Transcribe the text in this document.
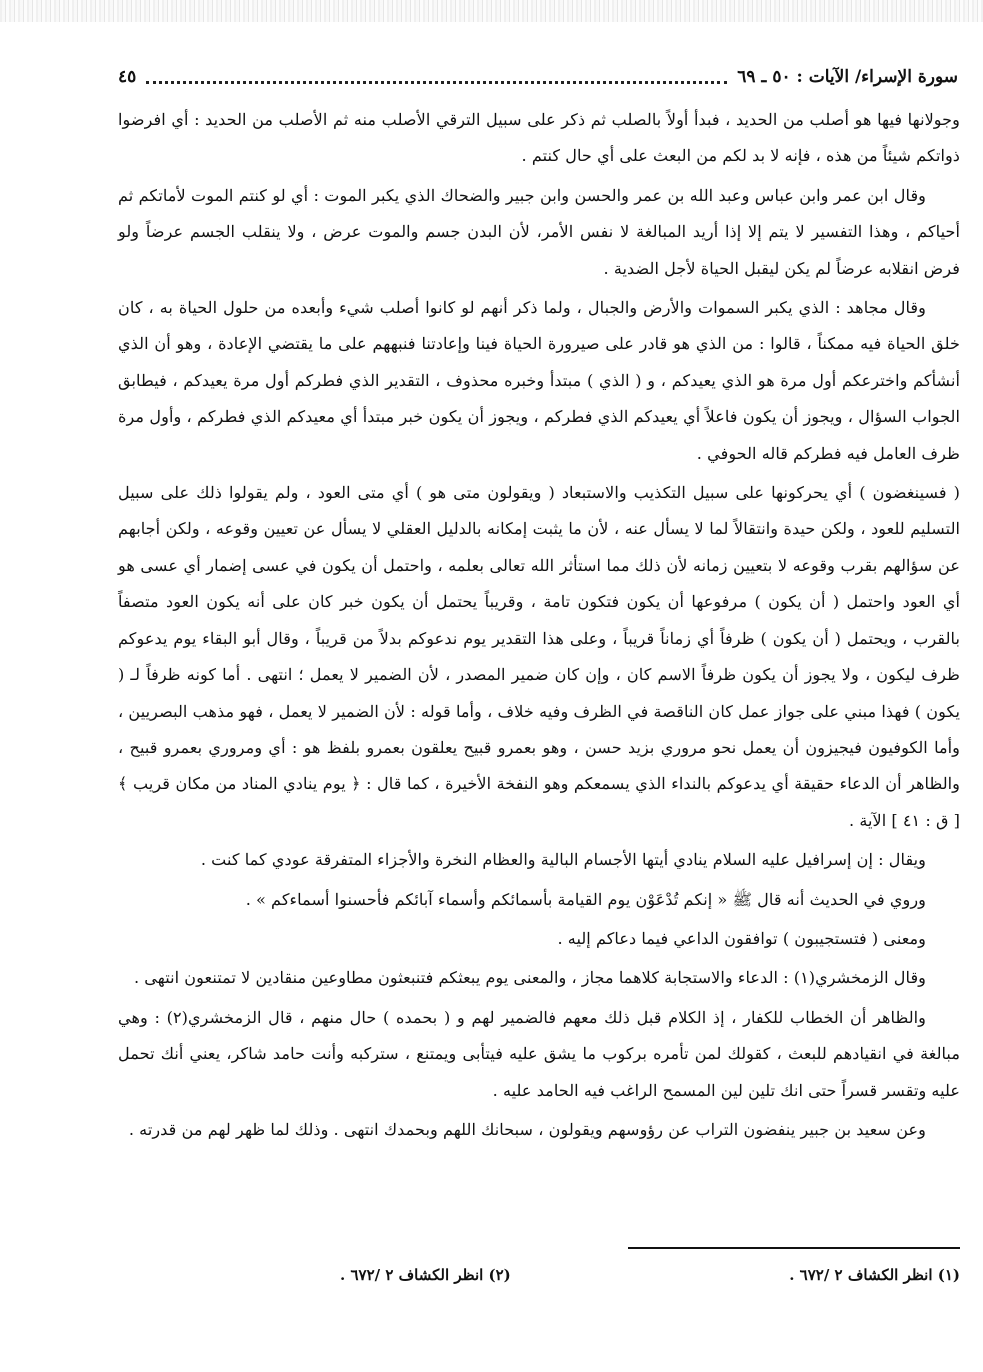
سورة الإسراء/ الآيات : ٥٠ ـ ٦٩
٤٥

وجولانها فيها هو أصلب من الحديد ، فبدأ أولاً بالصلب ثم ذكر على سبيل الترقي الأصلب منه ثم الأصلب من الحديد : أي افرضوا ذواتكم شيئاً من هذه ، فإنه لا بد لكم من البعث على أي حال كنتم .

وقال ابن عمر وابن عباس وعبد الله بن عمر والحسن وابن جبير والضحاك الذي يكبر الموت : أي لو كنتم الموت لأماتكم ثم أحياكم ، وهذا التفسير لا يتم إلا إذا أريد المبالغة لا نفس الأمر، لأن البدن جسم والموت عرض ، ولا ينقلب الجسم عرضاً ولو فرض انقلابه عرضاً لم يكن ليقبل الحياة لأجل الضدية .

وقال مجاهد : الذي يكبر السموات والأرض والجبال ، ولما ذكر أنهم لو كانوا أصلب شيء وأبعده من حلول الحياة به ، كان خلق الحياة فيه ممكناً ، قالوا : من الذي هو قادر على صيرورة الحياة فينا وإعادتنا فنبههم على ما يقتضي الإعادة ، وهو أن الذي أنشأكم واخترعكم أول مرة هو الذي يعيدكم ، و ( الذي ) مبتدأ وخبره محذوف ، التقدير الذي فطركم أول مرة يعيدكم ، فيطابق الجواب السؤال ، ويجوز أن يكون فاعلاً أي يعيدكم الذي فطركم ، ويجوز أن يكون خبر مبتدأ أي معيدكم الذي فطركم ، وأول مرة ظرف العامل فيه فطركم قاله الحوفي .

( فسينغضون ) أي يحركونها على سبيل التكذيب والاستبعاد ( ويقولون متى هو ) أي متى العود ، ولم يقولوا ذلك على سبيل التسليم للعود ، ولكن حيدة وانتقالاً لما لا يسأل عنه ، لأن ما يثبت إمكانه بالدليل العقلي لا يسأل عن تعيين وقوعه ، ولكن أجابهم عن سؤالهم بقرب وقوعه لا بتعيين زمانه لأن ذلك مما استأثر الله تعالى بعلمه ، واحتمل أن يكون في عسى إضمار أي عسى هو أي العود واحتمل ( أن يكون ) مرفوعها أن يكون فتكون تامة ، وقريباً يحتمل أن يكون خبر كان على أنه يكون العود متصفاً بالقرب ، ويحتمل ( أن يكون ) ظرفاً أي زماناً قريباً ، وعلى هذا التقدير يوم ندعوكم بدلاً من قريباً ، وقال أبو البقاء يوم يدعوكم ظرف ليكون ، ولا يجوز أن يكون ظرفاً الاسم كان ، وإن كان ضمير المصدر ، لأن الضمير لا يعمل ؛ انتهى . أما كونه ظرفاً لـ ( يكون ) فهذا مبني على جواز عمل كان الناقصة في الظرف وفيه خلاف ، وأما قوله : لأن الضمير لا يعمل ، فهو مذهب البصريين ، وأما الكوفيون فيجيزون أن يعمل نحو مروري بزيد حسن ، وهو بعمرو قبيح يعلقون بعمرو بلفظ هو : أي ومروري بعمرو قبيح ، والظاهر أن الدعاء حقيقة أي يدعوكم بالنداء الذي يسمعكم وهو النفخة الأخيرة ، كما قال : ﴿ يوم ينادي المناد من مكان قريب ﴾ [ ق : ٤١ ] الآية .

ويقال : إن إسرافيل عليه السلام ينادي أيتها الأجسام البالية والعظام النخرة والأجزاء المتفرقة عودي كما كنت .

وروي في الحديث أنه قال ﷺ « إنكم تُدْعَوْن يوم القيامة بأسمائكم وأسماء آبائكم فأحسنوا أسماءكم » .

ومعنى ( فتستجيبون ) توافقون الداعي فيما دعاكم إليه .

وقال الزمخشري(١) : الدعاء والاستجابة كلاهما مجاز ، والمعنى يوم يبعثكم فتنبعثون مطاوعين منقادين لا تمتنعون انتهى .

والظاهر أن الخطاب للكفار ، إذ الكلام قبل ذلك معهم فالضمير لهم و ( بحمده ) حال منهم ، قال الزمخشري(٢) : وهي مبالغة في انقيادهم للبعث ، كقولك لمن تأمره بركوب ما يشق عليه فيتأبى ويمتنع ، ستركبه وأنت حامد شاكر، يعني أنك تحمل عليه وتقسر قسراً حتى انك تلين لين المسمح الراغب فيه الحامد عليه .

وعن سعيد بن جبير ينفضون التراب عن رؤوسهم ويقولون ، سبحانك اللهم وبحمدك انتهى . وذلك لما ظهر لهم من قدرته .

(١) انظر الكشاف ٢ /٦٧٢ .
(٢) انظر الكشاف ٢ /٦٧٢ .
